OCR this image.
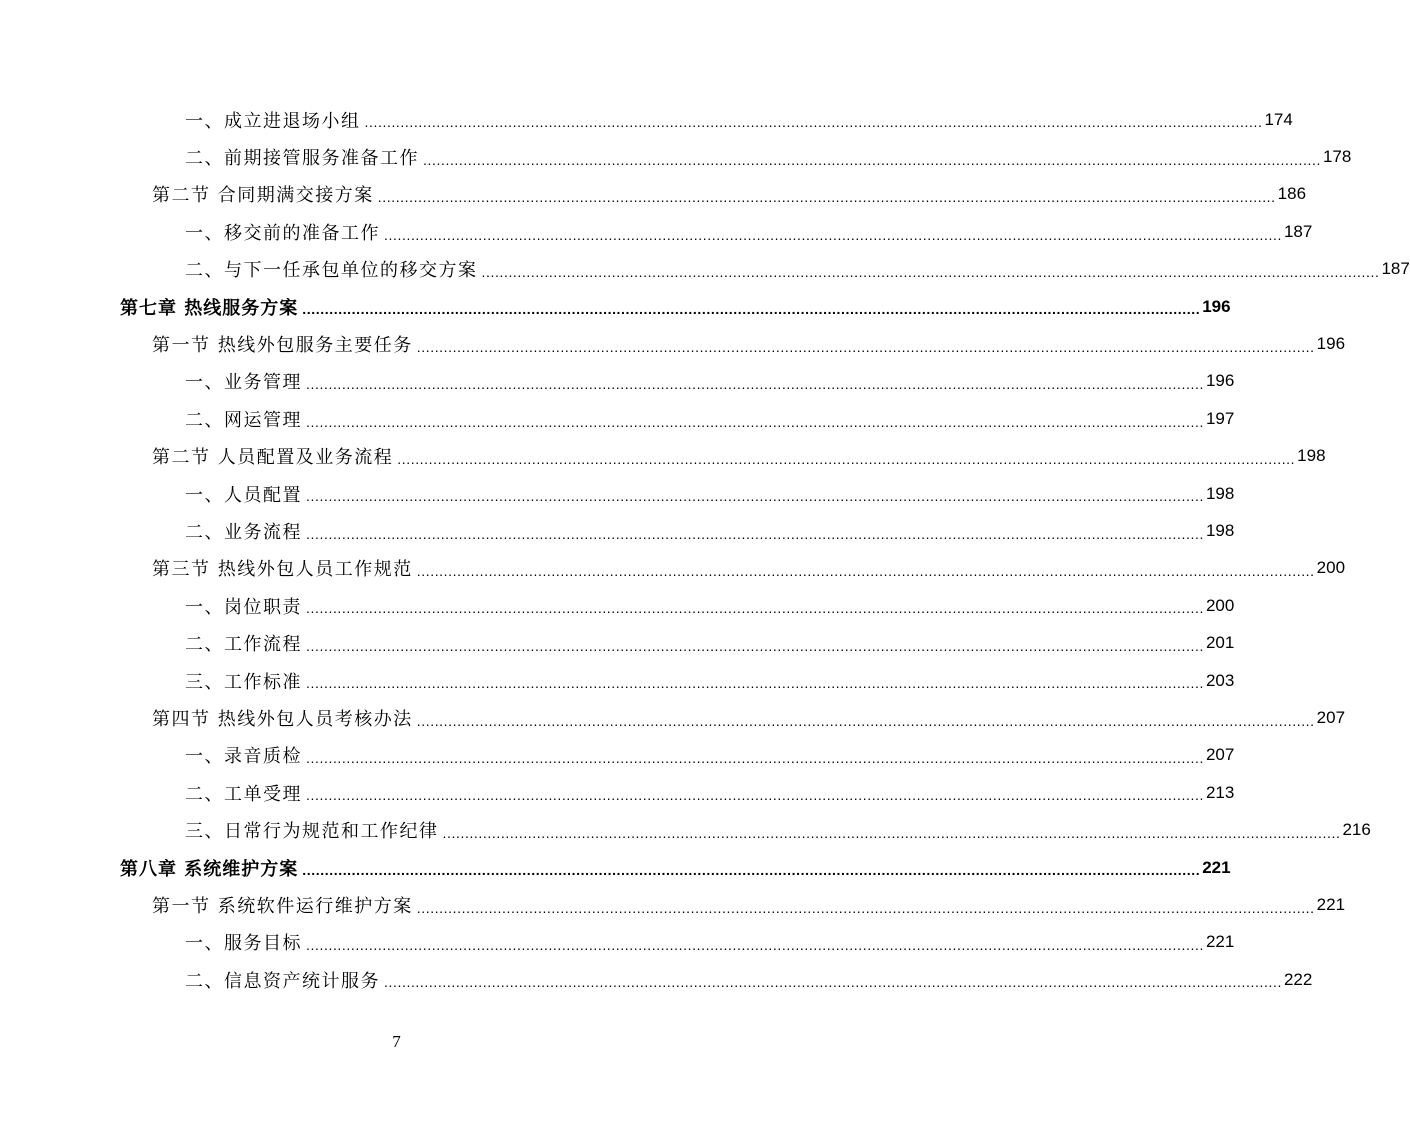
一、成立进退场小组 ........................................................................................................................................................................................................ 174
二、前期接管服务准备工作 ........................................................................................................................................................................................................ 178
第二节 合同期满交接方案 ........................................................................................................................................................................................................ 186
一、移交前的准备工作 ........................................................................................................................................................................................................ 187
二、与下一任承包单位的移交方案 ........................................................................................................................................................................................................ 187
第七章 热线服务方案 ........................................................................................................................................................................................................ 196
第一节 热线外包服务主要任务 ........................................................................................................................................................................................................ 196
一、业务管理 ........................................................................................................................................................................................................ 196
二、网运管理 ........................................................................................................................................................................................................ 197
第二节 人员配置及业务流程 ........................................................................................................................................................................................................ 198
一、人员配置 ........................................................................................................................................................................................................ 198
二、业务流程 ........................................................................................................................................................................................................ 198
第三节 热线外包人员工作规范 ........................................................................................................................................................................................................ 200
一、岗位职责 ........................................................................................................................................................................................................ 200
二、工作流程 ........................................................................................................................................................................................................ 201
三、工作标准 ........................................................................................................................................................................................................ 203
第四节 热线外包人员考核办法 ........................................................................................................................................................................................................ 207
一、录音质检 ........................................................................................................................................................................................................ 207
二、工单受理 ........................................................................................................................................................................................................ 213
三、日常行为规范和工作纪律 ........................................................................................................................................................................................................ 216
第八章 系统维护方案 ........................................................................................................................................................................................................ 221
第一节 系统软件运行维护方案 ........................................................................................................................................................................................................ 221
一、服务目标 ........................................................................................................................................................................................................ 221
二、信息资产统计服务 ........................................................................................................................................................................................................ 222
7
